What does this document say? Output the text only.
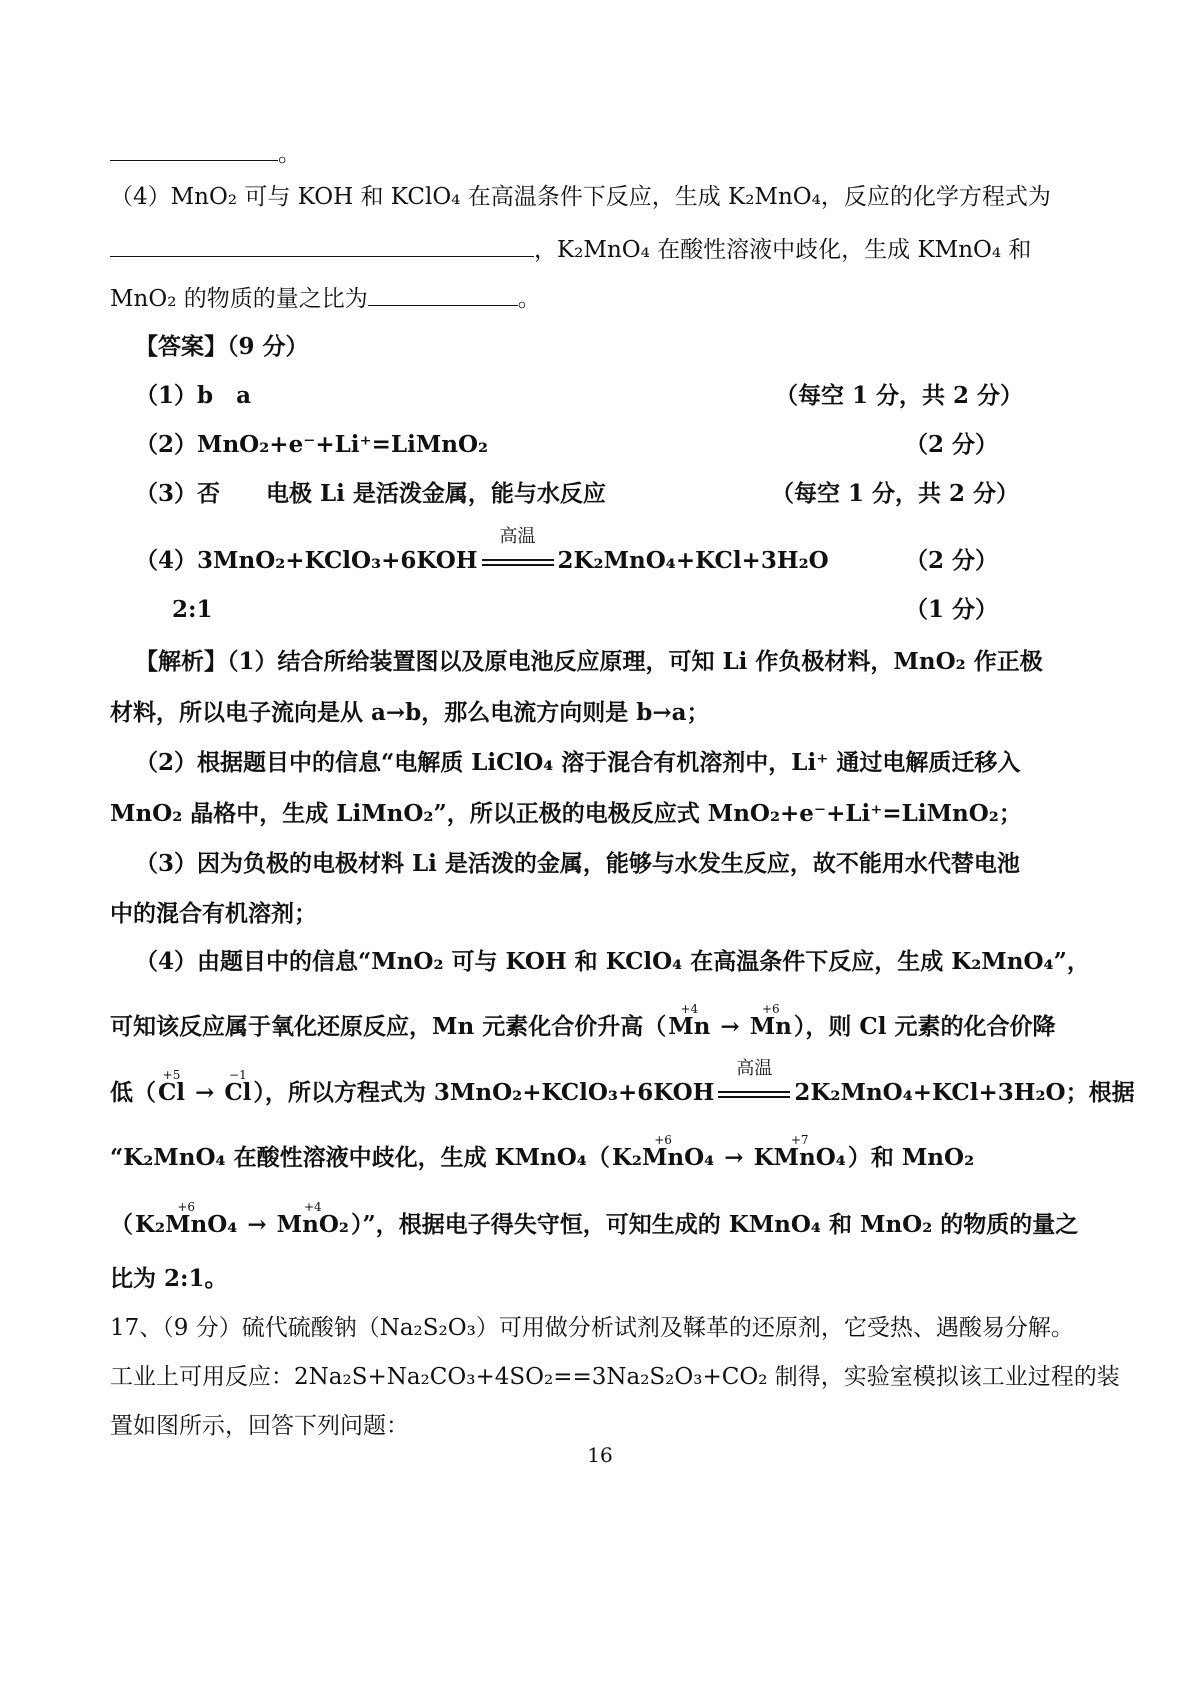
。
（4）MnO₂ 可与 KOH 和 KClO₄ 在高温条件下反应，生成 K₂MnO₄，反应的化学方程式为
，K₂MnO₄ 在酸性溶液中歧化，生成 KMnO₄ 和
MnO₂ 的物质的量之比为	。
【答案】（9 分）
（1）b　a	（每空 1 分，共 2 分）
（2）MnO₂+e⁻+Li⁺=LiMnO₂	（2 分）
（3）否　　电极 Li 是活泼金属，能与水反应	（每空 1 分，共 2 分）
（4）3MnO₂+KClO₃+6KOH
高温
2K₂MnO₄+KCl+3H₂O	（2 分）
2:1	（1 分）
【解析】（1）结合所给装置图以及原电池反应原理，可知 Li 作负极材料，MnO₂ 作正极
材料，所以电子流向是从 a→b，那么电流方向则是 b→a；
（2）根据题目中的信息“电解质 LiClO₄ 溶于混合有机溶剂中，Li⁺ 通过电解质迁移入
MnO₂ 晶格中，生成 LiMnO₂”，所以正极的电极反应式 MnO₂+e⁻+Li⁺=LiMnO₂；
（3）因为负极的电极材料 Li 是活泼的金属，能够与水发生反应，故不能用水代替电池
中的混合有机溶剂；
（4）由题目中的信息“MnO₂ 可与 KOH 和 KClO₄ 在高温条件下反应，生成 K₂MnO₄”，
可知该反应属于氧化还原反应，Mn 元素化合价升高（
+4
Mn →
+6
Mn），则 Cl 元素的化合价降
低（
+5
Cl →
−1
Cl），所以方程式为 3MnO₂+KClO₃+6KOH
高温
2K₂MnO₄+KCl+3H₂O；根据
“K₂MnO₄ 在酸性溶液中歧化，生成 KMnO₄（
+6
K₂MnO₄ →
+7
KMnO₄）和 MnO₂
（
+6
K₂MnO₄ →
+4
MnO₂）”，根据电子得失守恒，可知生成的 KMnO₄ 和 MnO₂ 的物质的量之
比为 2:1。
17、（9 分）硫代硫酸钠（Na₂S₂O₃）可用做分析试剂及鞣革的还原剂，它受热、遇酸易分解。
工业上可用反应：2Na₂S+Na₂CO₃+4SO₂==3Na₂S₂O₃+CO₂ 制得，实验室模拟该工业过程的装
置如图所示，回答下列问题：
16
